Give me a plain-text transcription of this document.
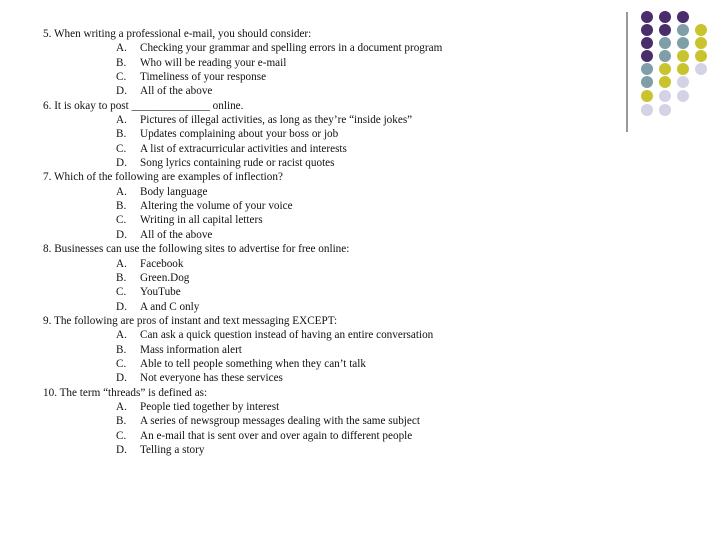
5. When writing a professional e-mail, you should consider:
A. Checking your grammar and spelling errors in a document program
B. Who will be reading your e-mail
C. Timeliness of your response
D. All of the above
6. It is okay to post ______________ online.
A. Pictures of illegal activities, as long as they’re “inside jokes”
B. Updates complaining about your boss or job
C. A list of extracurricular activities and interests
D. Song lyrics containing rude or racist quotes
7. Which of the following are examples of inflection?
A. Body language
B. Altering the volume of your voice
C. Writing in all capital letters
D. All of the above
8. Businesses can use the following sites to advertise for free online:
A. Facebook
B. Green.Dog
C. YouTube
D. A and C only
9. The following are pros of instant and text messaging EXCEPT:
A. Can ask a quick question instead of having an entire conversation
B. Mass information alert
C. Able to tell people something when they can’t talk
D. Not everyone has these services
10. The term “threads” is defined as:
A. People tied together by interest
B. A series of newsgroup messages dealing with the same subject
C. An e-mail that is sent over and over again to different people
D. Telling a story
